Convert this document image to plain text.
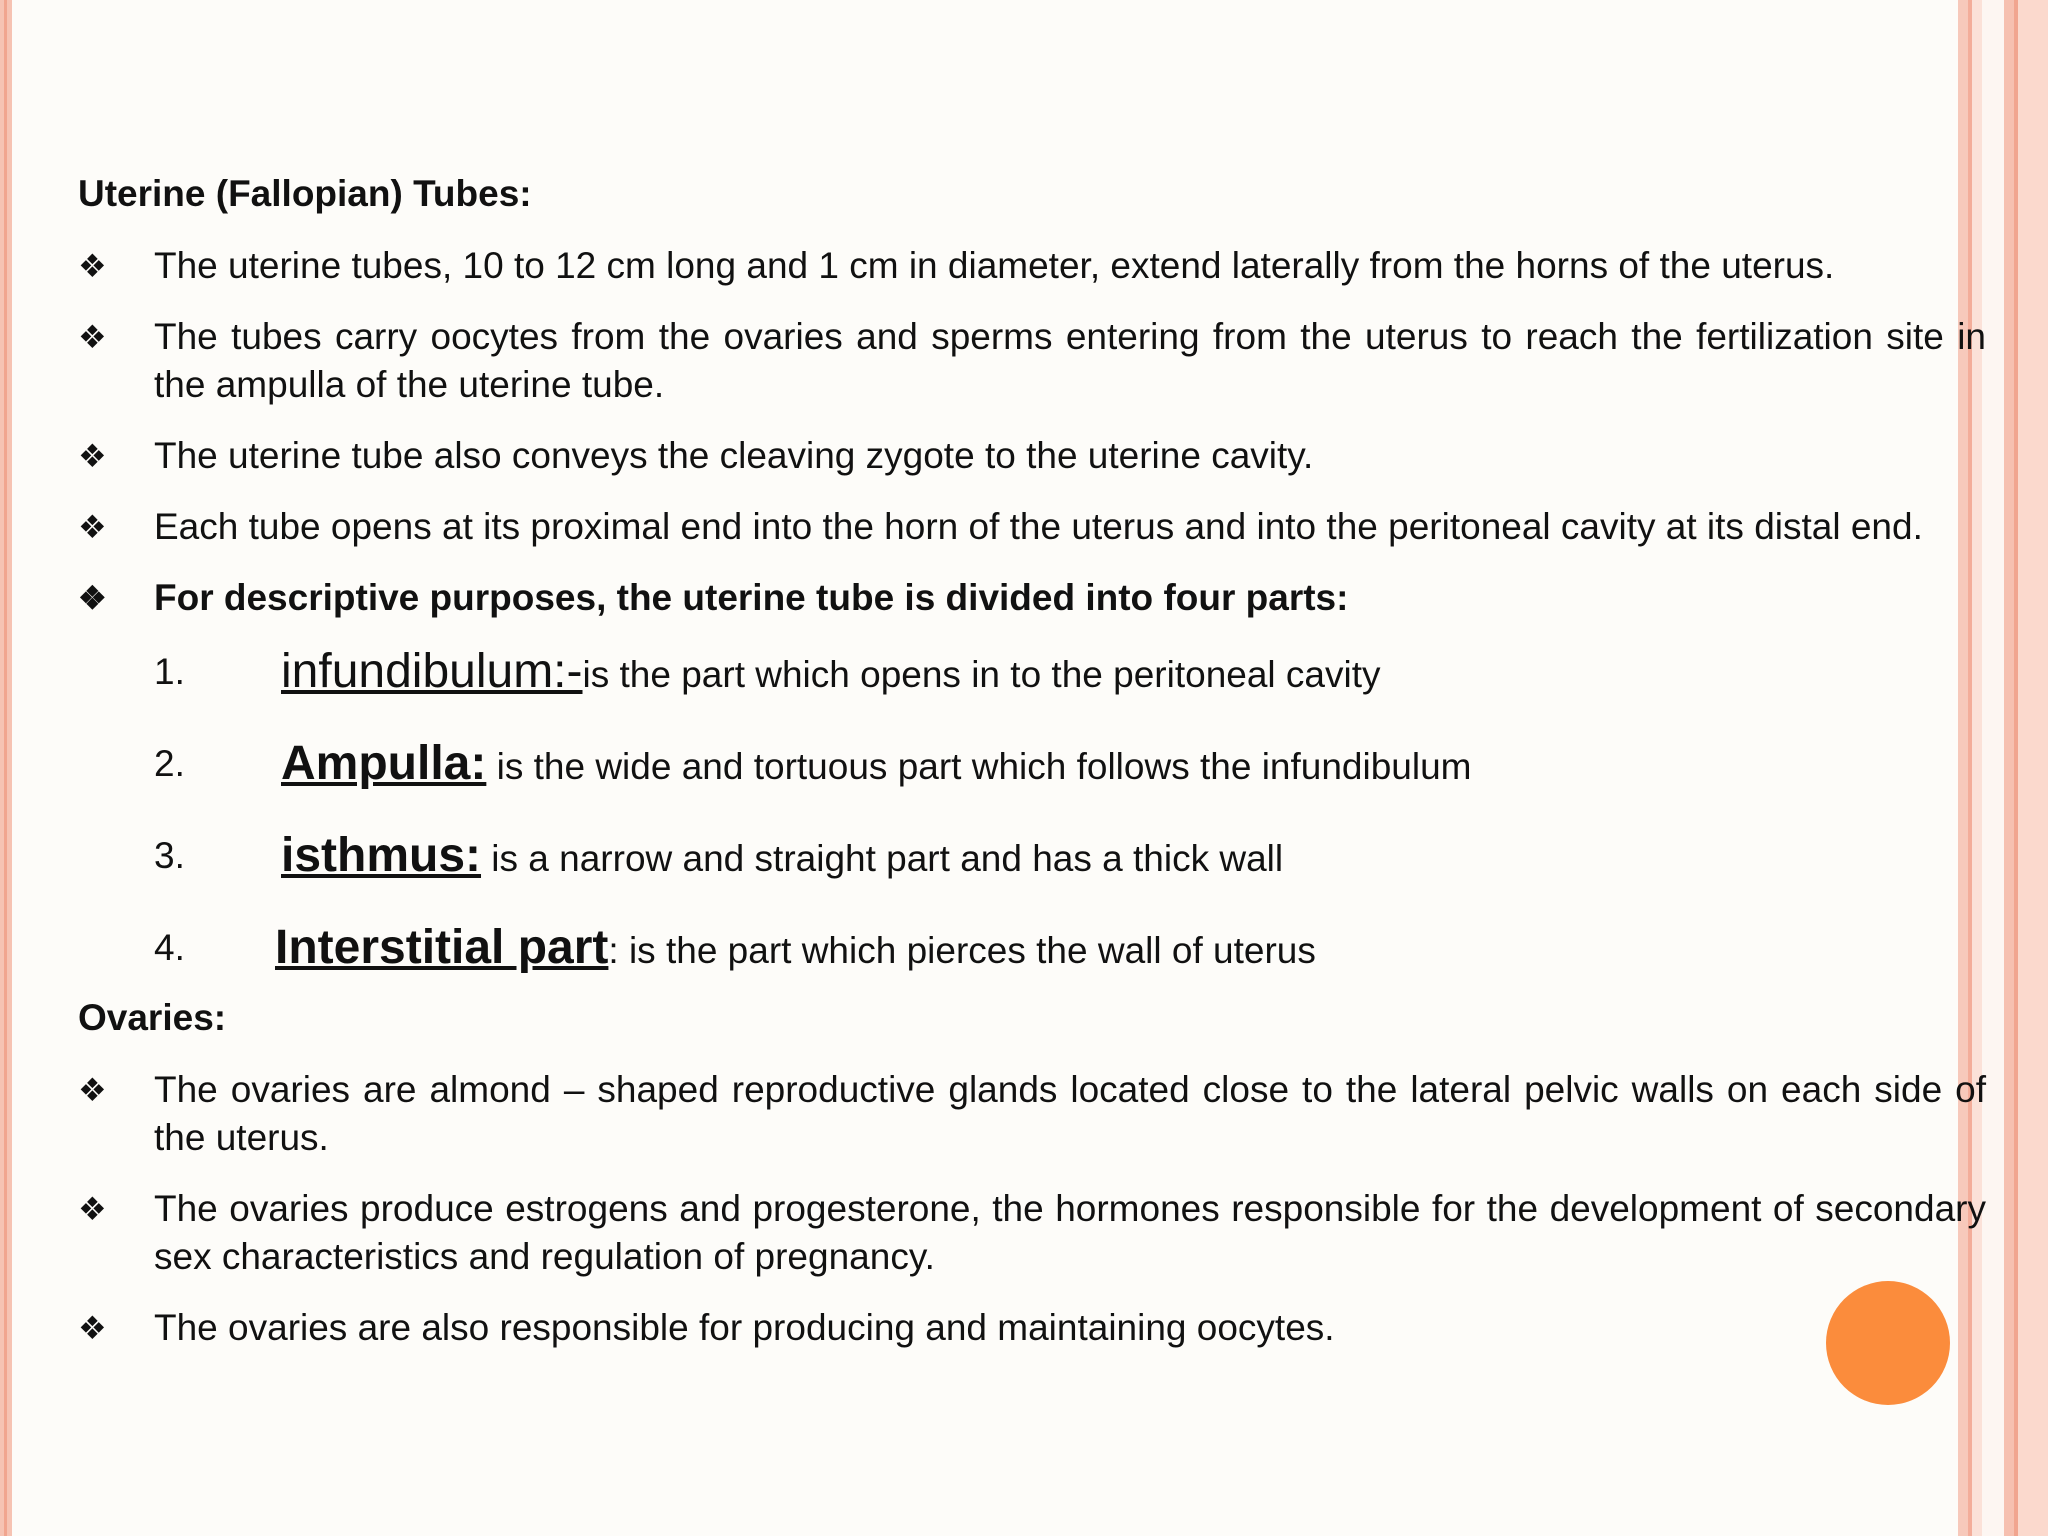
Uterine (Fallopian) Tubes:
❖	The uterine tubes, 10 to 12 cm long and 1 cm in diameter, extend laterally from the horns of the uterus.
❖	The tubes carry oocytes from the ovaries and sperms entering from the uterus to reach the fertilization site in the ampulla of the uterine tube.
❖	The uterine tube also conveys the cleaving zygote to the uterine cavity.
❖	Each tube opens at its proximal end into the horn of the uterus and into the peritoneal cavity at its distal end.
❖	For descriptive purposes, the uterine tube is divided into four parts:
1. infundibulum:-is the part which opens in to the peritoneal cavity
2. Ampulla: is the wide and tortuous part which follows the infundibulum
3. isthmus: is a narrow and straight part and has a thick wall
4. Interstitial part: is the part which pierces the wall of uterus
Ovaries:
❖	The ovaries are almond – shaped reproductive glands located close to the lateral pelvic walls on each side of the uterus.
❖	The ovaries produce estrogens and progesterone, the hormones responsible for the development of secondary sex characteristics and regulation of pregnancy.
❖	The ovaries are also responsible for producing and maintaining oocytes.
